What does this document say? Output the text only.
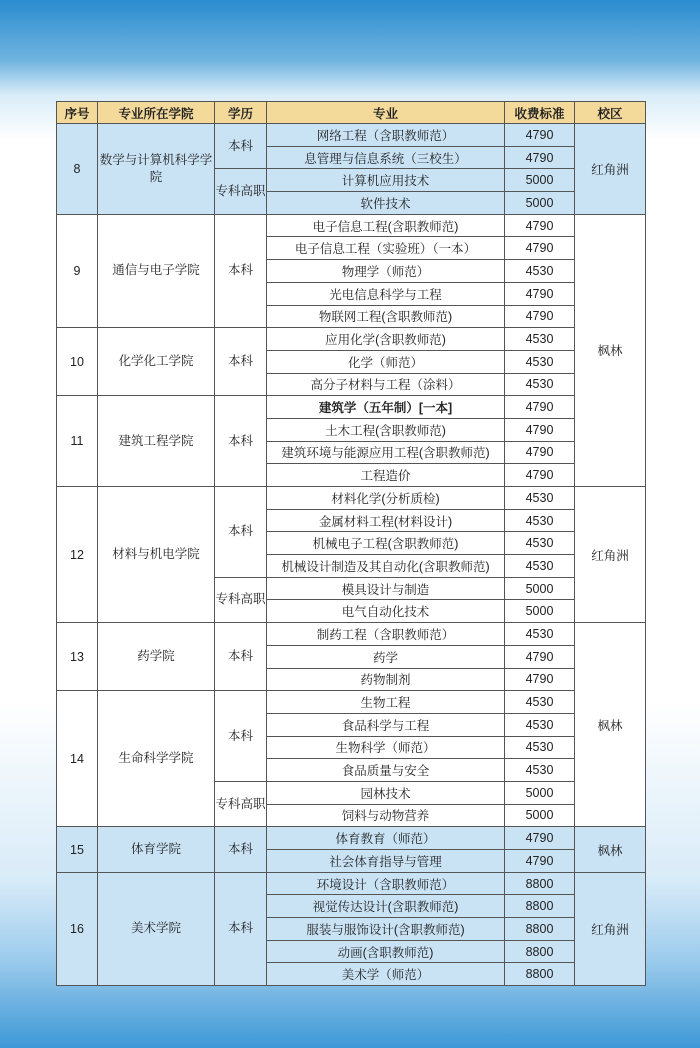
序号	专业所在学院	学历	专业	收费标准	校区
8	数学与计算机科学学院	本科	网络工程（含职教师范）	4790	红角洲
			息管理与信息系统（三校生）	4790	
		专科高职	计算机应用技术	5000	
			软件技术	5000	
9	通信与电子学院	本科	电子信息工程(含职教师范)	4790	枫林
			电子信息工程（实验班）（一本）	4790	
			物理学（师范）	4530	
			光电信息科学与工程	4790	
			物联网工程(含职教师范)	4790	
10	化学化工学院	本科	应用化学(含职教师范)	4530	
			化学（师范）	4530	
			高分子材料与工程（涂料）	4530	
11	建筑工程学院	本科	建筑学（五年制）[一本]	4790	
			土木工程(含职教师范)	4790	
			建筑环境与能源应用工程(含职教师范)	4790	
			工程造价	4790	
12	材料与机电学院	本科	材料化学(分析质检)	4530	红角洲
			金属材料工程(材料设计)	4530	
			机械电子工程(含职教师范)	4530	
			机械设计制造及其自动化(含职教师范)	4530	
		专科高职	模具设计与制造	5000	
			电气自动化技术	5000	
13	药学院	本科	制药工程（含职教师范）	4530	枫林
			药学	4790	
			药物制剂	4790	
14	生命科学学院	本科	生物工程	4530	
			食品科学与工程	4530	
			生物科学（师范）	4530	
			食品质量与安全	4530	
		专科高职	园林技术	5000	
			饲料与动物营养	5000	
15	体育学院	本科	体育教育（师范）	4790	枫林
			社会体育指导与管理	4790	
16	美术学院	本科	环境设计（含职教师范）	8800	红角洲
			视觉传达设计(含职教师范)	8800	
			服装与服饰设计(含职教师范)	8800	
			动画(含职教师范)	8800	
			美术学（师范）	8800	
